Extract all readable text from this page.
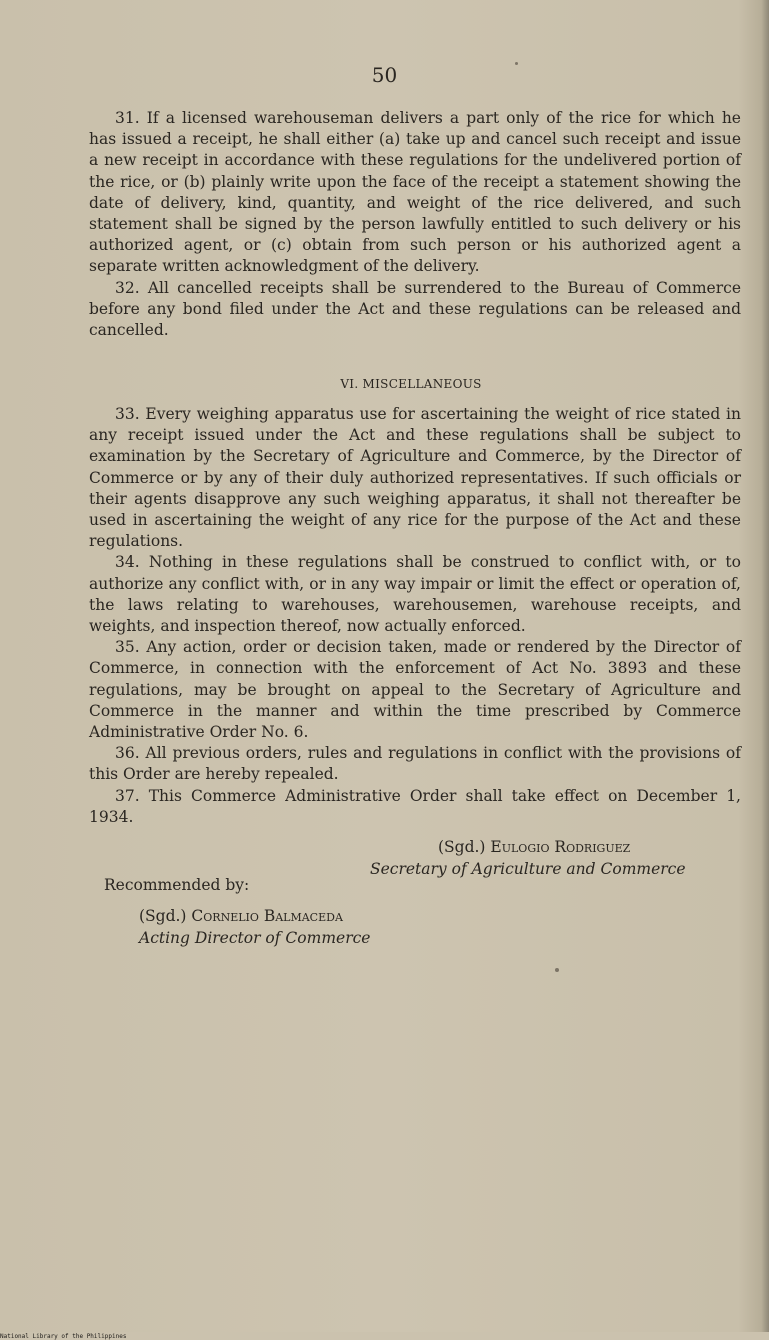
50

31. If a licensed warehouseman delivers a part only of the rice for which he has issued a receipt, he shall either (a) take up and cancel such receipt and issue a new receipt in accordance with these regulations for the undelivered portion of the rice, or (b) plainly write upon the face of the receipt a statement showing the date of delivery, kind, quantity, and weight of the rice delivered, and such statement shall be signed by the person lawfully entitled to such delivery or his authorized agent, or (c) obtain from such person or his authorized agent a separate written acknowledgment of the delivery.

32. All cancelled receipts shall be surrendered to the Bureau of Commerce before any bond filed under the Act and these regulations can be released and cancelled.

VI. MISCELLANEOUS

33. Every weighing apparatus use for ascertaining the weight of rice stated in any receipt issued under the Act and these regulations shall be subject to examination by the Secretary of Agriculture and Commerce, by the Director of Commerce or by any of their duly authorized representatives. If such officials or their agents disapprove any such weighing apparatus, it shall not thereafter be used in ascertaining the weight of any rice for the purpose of the Act and these regulations.

34. Nothing in these regulations shall be construed to conflict with, or to authorize any conflict with, or in any way impair or limit the effect or operation of, the laws relating to warehouses, warehousemen, warehouse receipts, and weights, and inspection thereof, now actually enforced.

35. Any action, order or decision taken, made or rendered by the Director of Commerce, in connection with the enforcement of Act No. 3893 and these regulations, may be brought on appeal to the Secretary of Agriculture and Commerce in the manner and within the time prescribed by Commerce Administrative Order No. 6.

36. All previous orders, rules and regulations in conflict with the provisions of this Order are hereby repealed.

37. This Commerce Administrative Order shall take effect on December 1, 1934.

(Sgd.) Eulogio Rodriguez
Secretary of Agriculture and Commerce
Recommended by:
(Sgd.) Cornelio Balmaceda
Acting Director of Commerce
National Library of the Philippines
